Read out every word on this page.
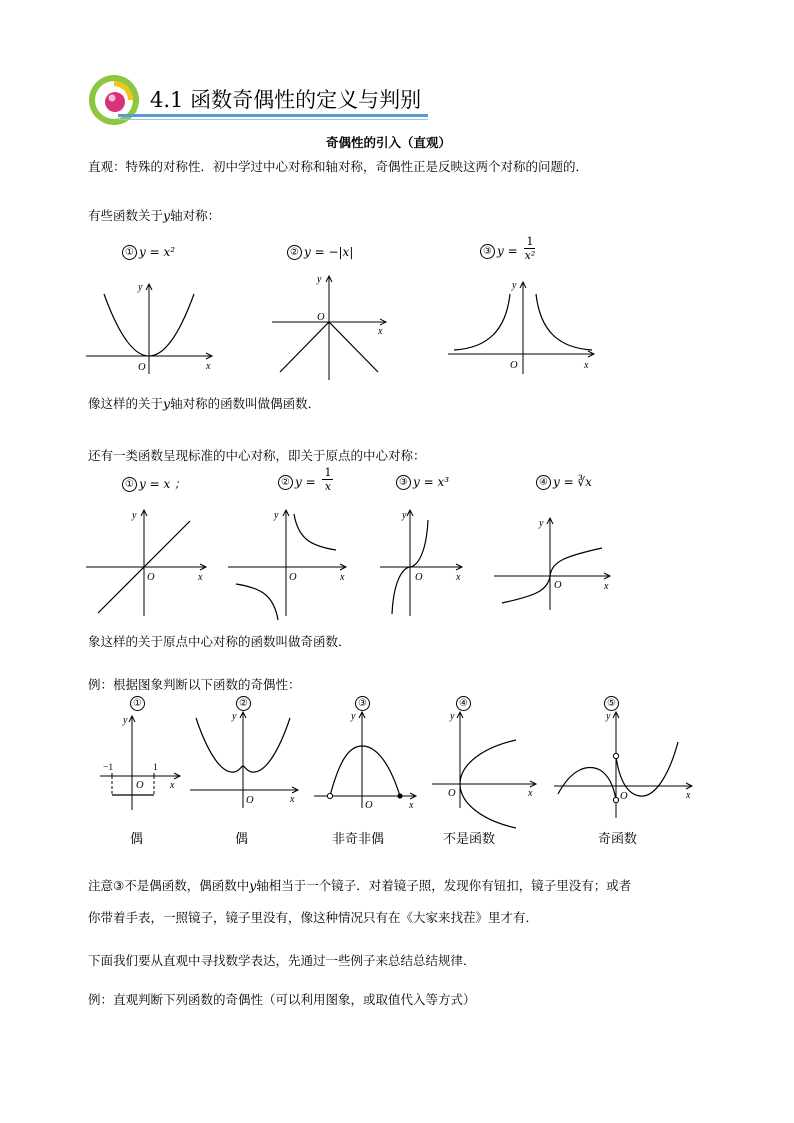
4.1 函数奇偶性的定义与判别
奇偶性的引入（直观）
直观：特殊的对称性．初中学过中心对称和轴对称，奇偶性正是反映这两个对称的问题的．
有些函数关于y轴对称：
① y = x²	② y = −|x|	③ $y = \frac{1}{\text{x²}}$
y
x
O
y
x
O
y
x
O
像这样的关于y轴对称的函数叫做偶函数．
还有一类函数呈现标准的中心对称，即关于原点的中心对称：
① y = x ；	② $y = \frac{1}{x}$	③ y = x³	④ y = ∛x
y
x
O
y
x
O
y
x
O
y
x
O
象这样的关于原点中心对称的函数叫做奇函数．
例：根据图象判断以下函数的奇偶性：
①	②	③	④	⑤
y
x
O
−1	1
y
x
O
y
x
O
y
x
O
y
x
O
偶	偶	非奇非偶	不是函数	奇函数
注意③不是偶函数，偶函数中y轴相当于一个镜子．对着镜子照，发现你有钮扣，镜子里没有；或者
你带着手表，一照镜子，镜子里没有，像这种情况只有在《大家来找茬》里才有．
下面我们要从直观中寻找数学表达，先通过一些例子来总结总结规律．
例：直观判断下列函数的奇偶性（可以利用图象，或取值代入等方式）
